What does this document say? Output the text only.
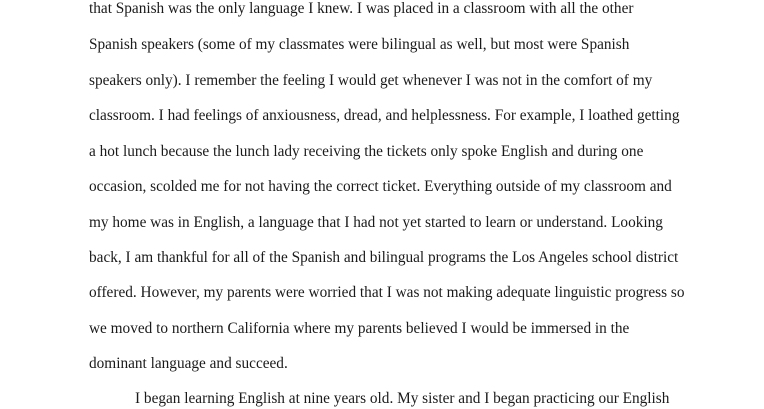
that Spanish was the only language I knew. I was placed in a classroom with all the other
Spanish speakers (some of my classmates were bilingual as well, but most were Spanish
speakers only). I remember the feeling I would get whenever I was not in the comfort of my
classroom. I had feelings of anxiousness, dread, and helplessness. For example, I loathed getting
a hot lunch because the lunch lady receiving the tickets only spoke English and during one
occasion, scolded me for not having the correct ticket. Everything outside of my classroom and
my home was in English, a language that I had not yet started to learn or understand. Looking
back, I am thankful for all of the Spanish and bilingual programs the Los Angeles school district
offered. However, my parents were worried that I was not making adequate linguistic progress so
we moved to northern California where my parents believed I would be immersed in the
dominant language and succeed.
I began learning English at nine years old. My sister and I began practicing our English
